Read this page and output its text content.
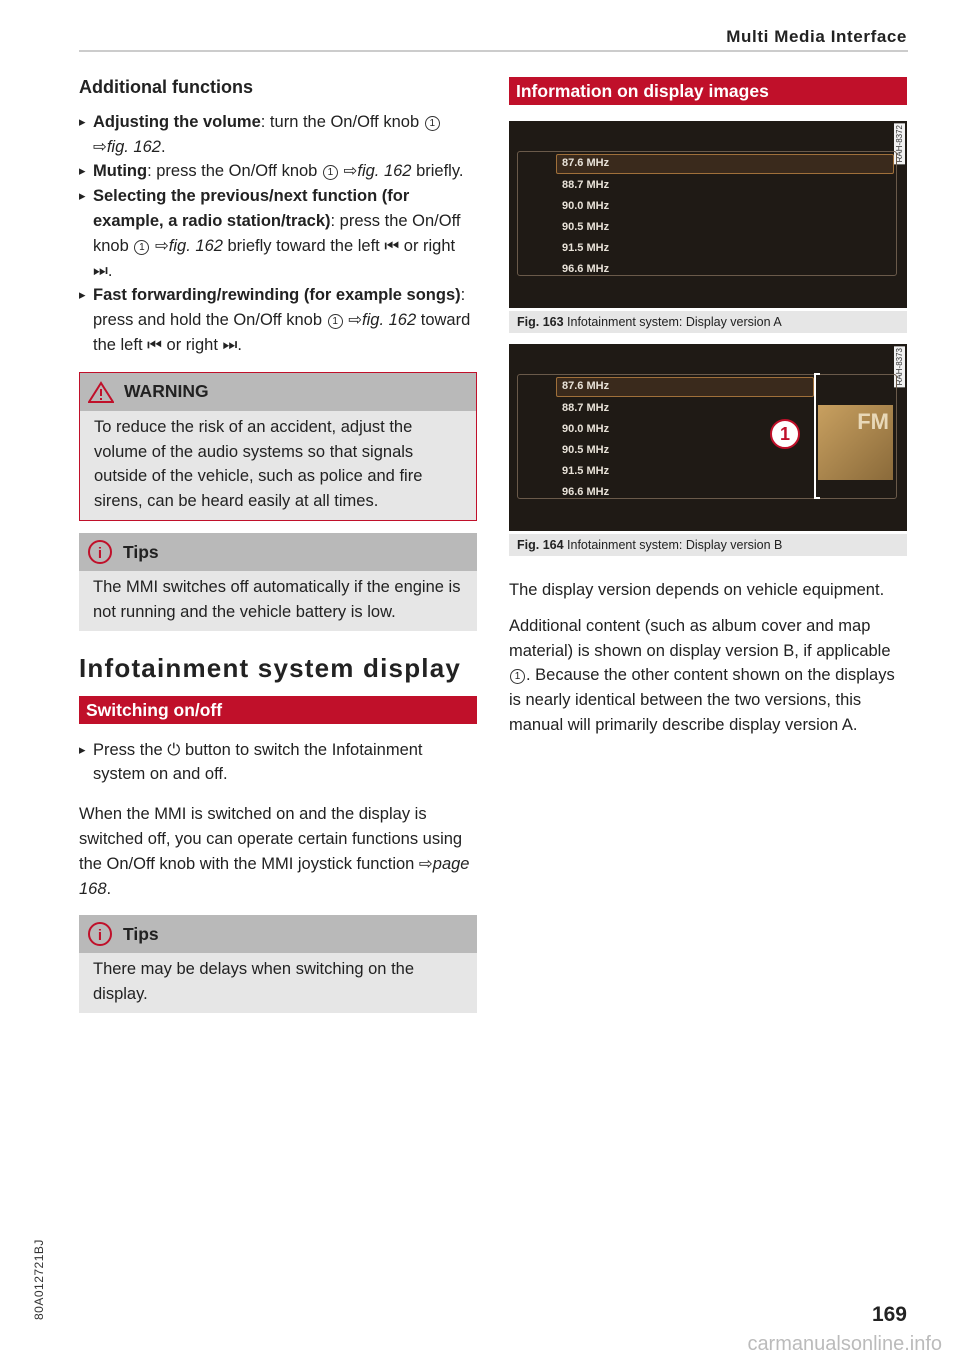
Multi Media Interface
Additional functions
▸ Adjusting the volume: turn the On/Off knob 1 ⇨fig. 162.
▸ Muting: press the On/Off knob 1 ⇨fig. 162 briefly.
▸ Selecting the previous/next function (for example, a radio station/track): press the On/Off knob 1 ⇨fig. 162 briefly toward the left ⏮ or right ⏭.
▸ Fast forwarding/rewinding (for example songs): press and hold the On/Off knob 1 ⇨fig. 162 toward the left ⏮ or right ⏭.
WARNING
To reduce the risk of an accident, adjust the volume of the audio systems so that signals outside of the vehicle, such as police and fire sirens, can be heard easily at all times.
i Tips
The MMI switches off automatically if the engine is not running and the vehicle battery is low.
Infotainment system display
Switching on/off
▸ Press the ⏻ button to switch the Infotainment system on and off.
When the MMI is switched on and the display is switched off, you can operate certain functions using the On/Off knob with the MMI joystick function ⇨page 168.
i Tips
There may be delays when switching on the display.
Information on display images
RAH-8372
87.6 MHz
88.7 MHz
90.0 MHz
90.5 MHz
91.5 MHz
96.6 MHz
Fig. 163 Infotainment system: Display version A
RAH-8373
87.6 MHz
88.7 MHz
90.0 MHz
90.5 MHz
91.5 MHz
96.6 MHz
FM
1
Fig. 164 Infotainment system: Display version B
The display version depends on vehicle equipment.
Additional content (such as album cover and map material) is shown on display version B, if applicable 1 . Because the other content shown on the displays is nearly identical between the two versions, this manual will primarily describe display version A.
80A012721BJ	169
carmanualsonline.info
